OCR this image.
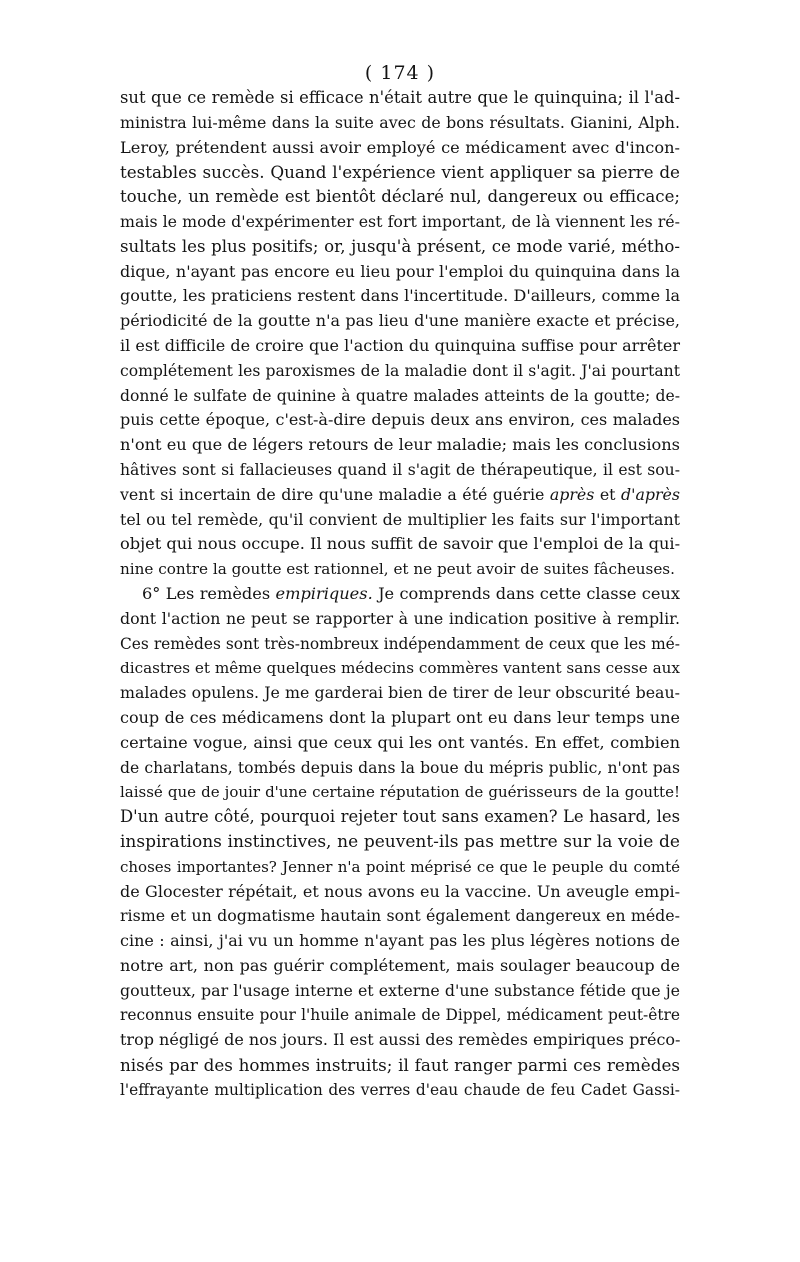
( 174 )
sut que ce remède si efficace n'était autre que le quinquina; il l'ad-
ministra lui-même dans la suite avec de bons résultats. Gianini, Alph.
Leroy, prétendent aussi avoir employé ce médicament avec d'incon-
testables succès. Quand l'expérience vient appliquer sa pierre de
touche, un remède est bientôt déclaré nul, dangereux ou efficace;
mais le mode d'expérimenter est fort important, de là viennent les ré-
sultats les plus positifs; or, jusqu'à présent, ce mode varié, métho-
dique, n'ayant pas encore eu lieu pour l'emploi du quinquina dans la
goutte, les praticiens restent dans l'incertitude. D'ailleurs, comme la
périodicité de la goutte n'a pas lieu d'une manière exacte et précise,
il est difficile de croire que l'action du quinquina suffise pour arrêter
complétement les paroxismes de la maladie dont il s'agit. J'ai pourtant
donné le sulfate de quinine à quatre malades atteints de la goutte; de-
puis cette époque, c'est-à-dire depuis deux ans environ, ces malades
n'ont eu que de légers retours de leur maladie; mais les conclusions
hâtives sont si fallacieuses quand il s'agit de thérapeutique, il est sou-
vent si incertain de dire qu'une maladie a été guérie après et d'après
tel ou tel remède, qu'il convient de multiplier les faits sur l'important
objet qui nous occupe. Il nous suffit de savoir que l'emploi de la qui-
nine contre la goutte est rationnel, et ne peut avoir de suites fâcheuses.
6° Les remèdes empiriques. Je comprends dans cette classe ceux
dont l'action ne peut se rapporter à une indication positive à remplir.
Ces remèdes sont très-nombreux indépendamment de ceux que les mé-
dicastres et même quelques médecins commères vantent sans cesse aux
malades opulens. Je me garderai bien de tirer de leur obscurité beau-
coup de ces médicamens dont la plupart ont eu dans leur temps une
certaine vogue, ainsi que ceux qui les ont vantés. En effet, combien
de charlatans, tombés depuis dans la boue du mépris public, n'ont pas
laissé que de jouir d'une certaine réputation de guérisseurs de la goutte!
D'un autre côté, pourquoi rejeter tout sans examen? Le hasard, les
inspirations instinctives, ne peuvent-ils pas mettre sur la voie de
choses importantes? Jenner n'a point méprisé ce que le peuple du comté
de Glocester répétait, et nous avons eu la vaccine. Un aveugle empi-
risme et un dogmatisme hautain sont également dangereux en méde-
cine : ainsi, j'ai vu un homme n'ayant pas les plus légères notions de
notre art, non pas guérir complétement, mais soulager beaucoup de
goutteux, par l'usage interne et externe d'une substance fétide que je
reconnus ensuite pour l'huile animale de Dippel, médicament peut-être
trop négligé de nos jours. Il est aussi des remèdes empiriques préco-
nisés par des hommes instruits; il faut ranger parmi ces remèdes
l'effrayante multiplication des verres d'eau chaude de feu Cadet Gassi-
